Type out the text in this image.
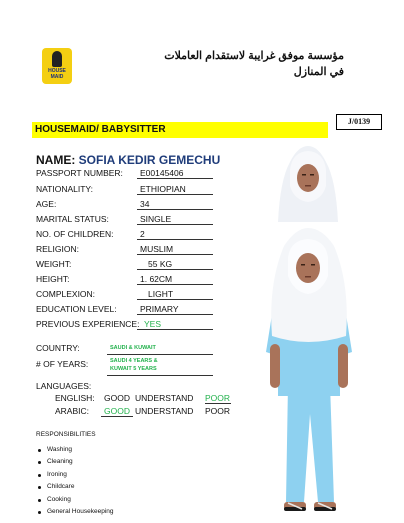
HOUSE
MAID
مؤسسة موفق غرايبة لاستقدام العاملات
في المنازل
J/0139
HOUSEMAID/ BABYSITTER
NAME: SOFIA KEDIR GEMECHU
PASSPORT NUMBER: E00145406
NATIONALITY:	ETHIOPIAN
AGE:	34
MARITAL STATUS:	SINGLE
NO. OF CHILDREN:	2
RELIGION:	MUSLIM
WEIGHT:	55 KG
HEIGHT:	1. 62CM
COMPLEXION:	LIGHT
EDUCATION LEVEL:	PRIMARY
PREVIOUS EXPERIENCE: YES
COUNTRY:	SAUDI & KUWAIT
# OF YEARS:	SAUDI 4 YEARS &
KUWAIT 5 YEARS
LANGUAGES:
ENGLISH: GOOD UNDERSTAND POOR
ARABIC: GOOD UNDERSTAND POOR
RESPONSIBILITIES
Washing
Cleaning
Ironing
Childcare
Cooking
General Housekeeping
